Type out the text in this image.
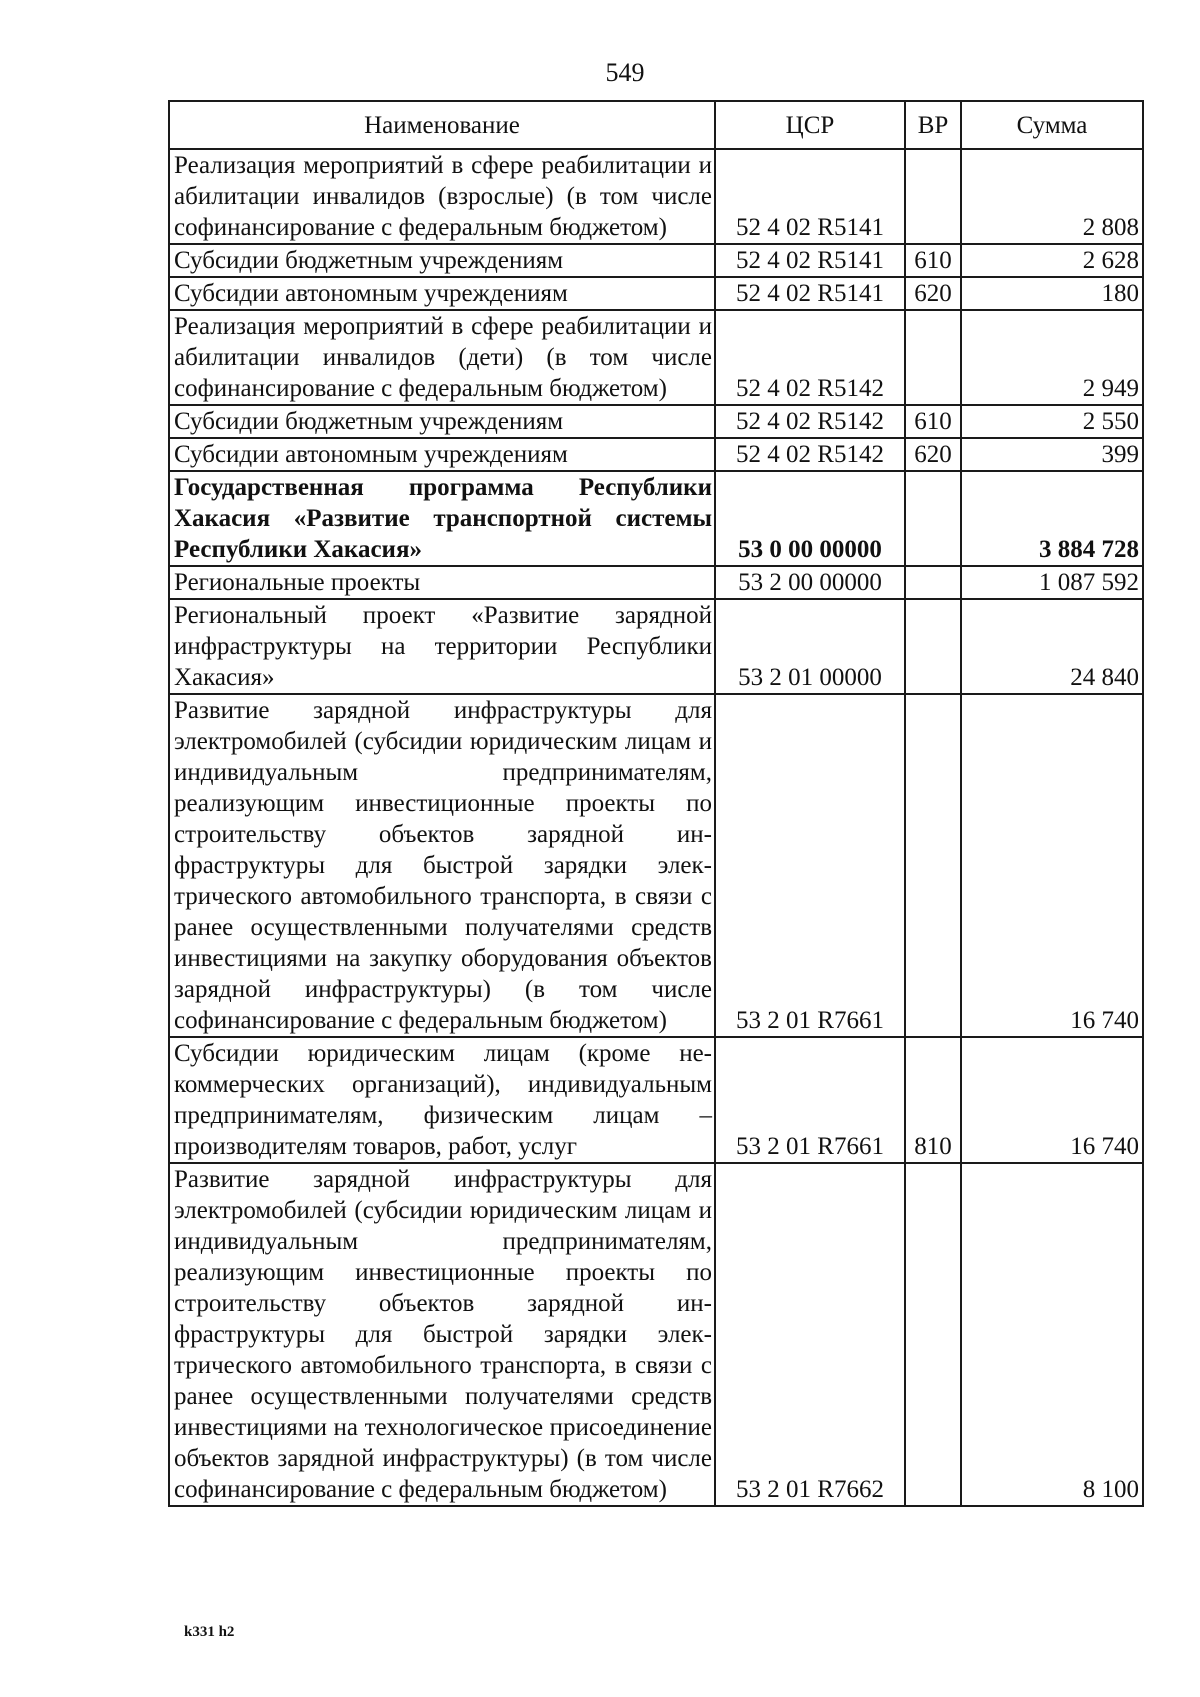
549
Наименование	ЦСР	ВР	Сумма
Реализация мероприятий в сфере реабилитации и абилитации инвалидов (взрослые) (в том числе софинансирование с федеральным бюджетом)	52 4 02 R5141		2 808
Субсидии бюджетным учреждениям	52 4 02 R5141	610	2 628
Субсидии автономным учреждениям	52 4 02 R5141	620	180
Реализация мероприятий в сфере реабилитации и абилитации инвалидов (дети) (в том числе софинансирование с федеральным бюджетом)	52 4 02 R5142		2 949
Субсидии бюджетным учреждениям	52 4 02 R5142	610	2 550
Субсидии автономным учреждениям	52 4 02 R5142	620	399
Государственная программа Республики Хакасия «Развитие транспортной системы Республики Хакасия»	53 0 00 00000		3 884 728
Региональные проекты	53 2 00 00000		1 087 592
Региональный проект «Развитие зарядной инфраструктуры на территории Республики Хакасия»	53 2 01 00000		24 840
Развитие зарядной инфраструктуры для электромобилей (субсидии юридическим лицам и индивидуальным предпринимателям, реализующим инвестиционные проекты по строительству объектов зарядной инфраструктуры для быстрой зарядки электрического автомобильного транспорта, в связи с ранее осуществленными получателями средств инвестициями на закупку оборудования объектов зарядной инфраструктуры) (в том числе софинансирование с федеральным бюджетом)	53 2 01 R7661		16 740
Субсидии юридическим лицам (кроме некоммерческих организаций), индивидуальным предпринимателям, физическим лицам – производителям товаров, работ, услуг	53 2 01 R7661	810	16 740
Развитие зарядной инфраструктуры для электромобилей (субсидии юридическим лицам и индивидуальным предпринимателям, реализующим инвестиционные проекты по строительству объектов зарядной инфраструктуры для быстрой зарядки электрического автомобильного транспорта, в связи с ранее осуществленными получателями средств инвестициями на технологическое присоединение объектов зарядной инфраструктуры) (в том числе софинансирование с федеральным бюджетом)	53 2 01 R7662		8 100
k331 h2
